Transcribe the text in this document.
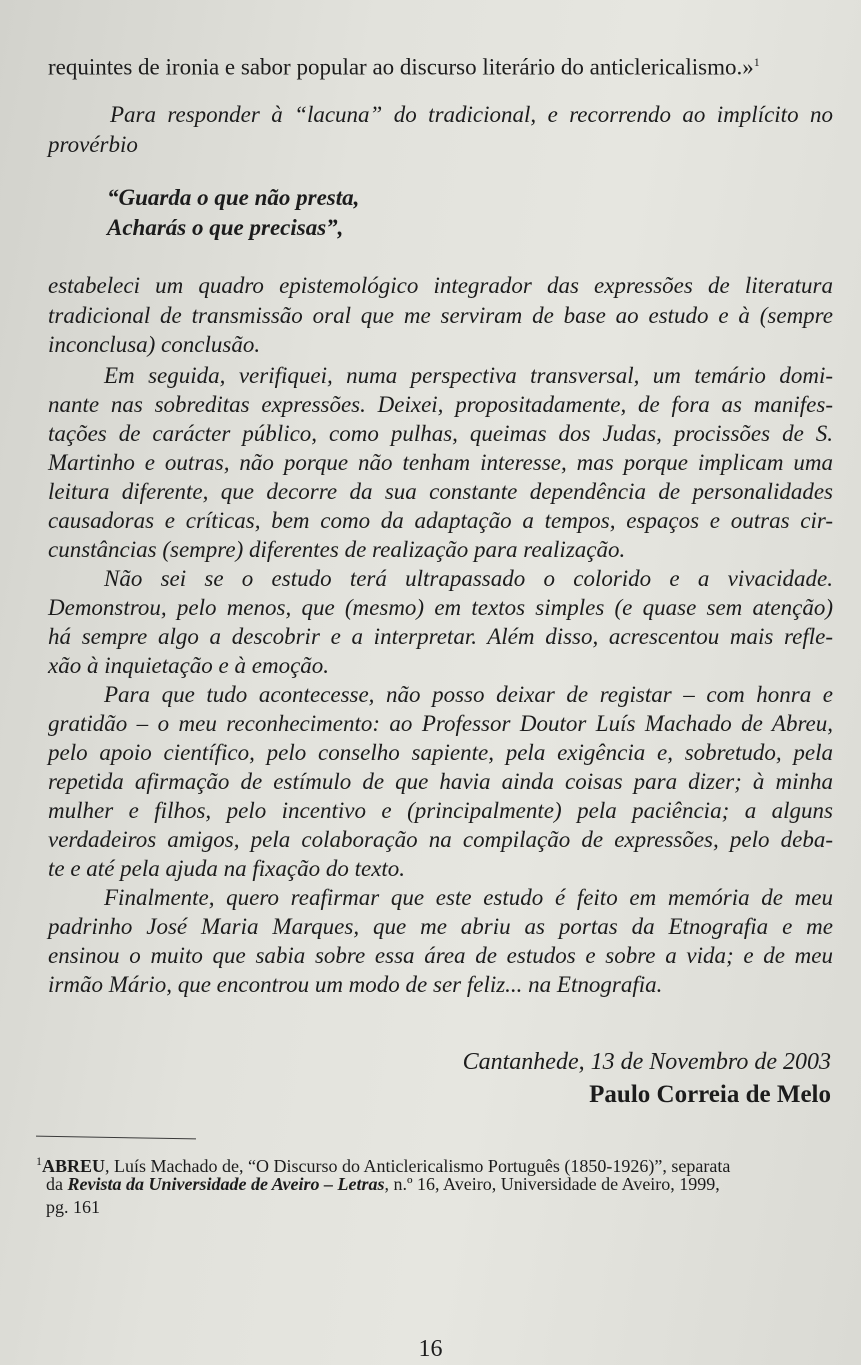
requintes de ironia e sabor popular ao discurso literário do anticlericalismo.»$^1$
Para responder à “lacuna” do tradicional, e recorrendo ao implícito no
provérbio
“Guarda o que não presta,
Acharás o que precisas”,
estabeleci um quadro epistemológico integrador das expressões de literatura
tradicional de transmissão oral que me serviram de base ao estudo e à (sempre
inconclusa) conclusão.
Em seguida, verifiquei, numa perspectiva transversal, um temário domi-
nante nas sobreditas expressões. Deixei, propositadamente, de fora as manifes-
tações de carácter público, como pulhas, queimas dos Judas, procissões de S.
Martinho e outras, não porque não tenham interesse, mas porque implicam uma
leitura diferente, que decorre da sua constante dependência de personalidades
causadoras e críticas, bem como da adaptação a tempos, espaços e outras cir-
cunstâncias (sempre) diferentes de realização para realização.
Não sei se o estudo terá ultrapassado o colorido e a vivacidade.
Demonstrou, pelo menos, que (mesmo) em textos simples (e quase sem atenção)
há sempre algo a descobrir e a interpretar. Além disso, acrescentou mais refle-
xão à inquietação e à emoção.
Para que tudo acontecesse, não posso deixar de registar – com honra e
gratidão – o meu reconhecimento: ao Professor Doutor Luís Machado de Abreu,
pelo apoio científico, pelo conselho sapiente, pela exigência e, sobretudo, pela
repetida afirmação de estímulo de que havia ainda coisas para dizer; à minha
mulher e filhos, pelo incentivo e (principalmente) pela paciência; a alguns
verdadeiros amigos, pela colaboração na compilação de expressões, pelo deba-
te e até pela ajuda na fixação do texto.
Finalmente, quero reafirmar que este estudo é feito em memória de meu
padrinho José Maria Marques, que me abriu as portas da Etnografia e me
ensinou o muito que sabia sobre essa área de estudos e sobre a vida; e de meu
irmão Mário, que encontrou um modo de ser feliz... na Etnografia.
Cantanhede, 13 de Novembro de 2003
Paulo Correia de Melo
$^1$ABREU, Luís Machado de, “O Discurso do Anticlericalismo Português (1850-1926)”, separata
da Revista da Universidade de Aveiro – Letras, n.º 16, Aveiro, Universidade de Aveiro, 1999,
pg. 161
16
